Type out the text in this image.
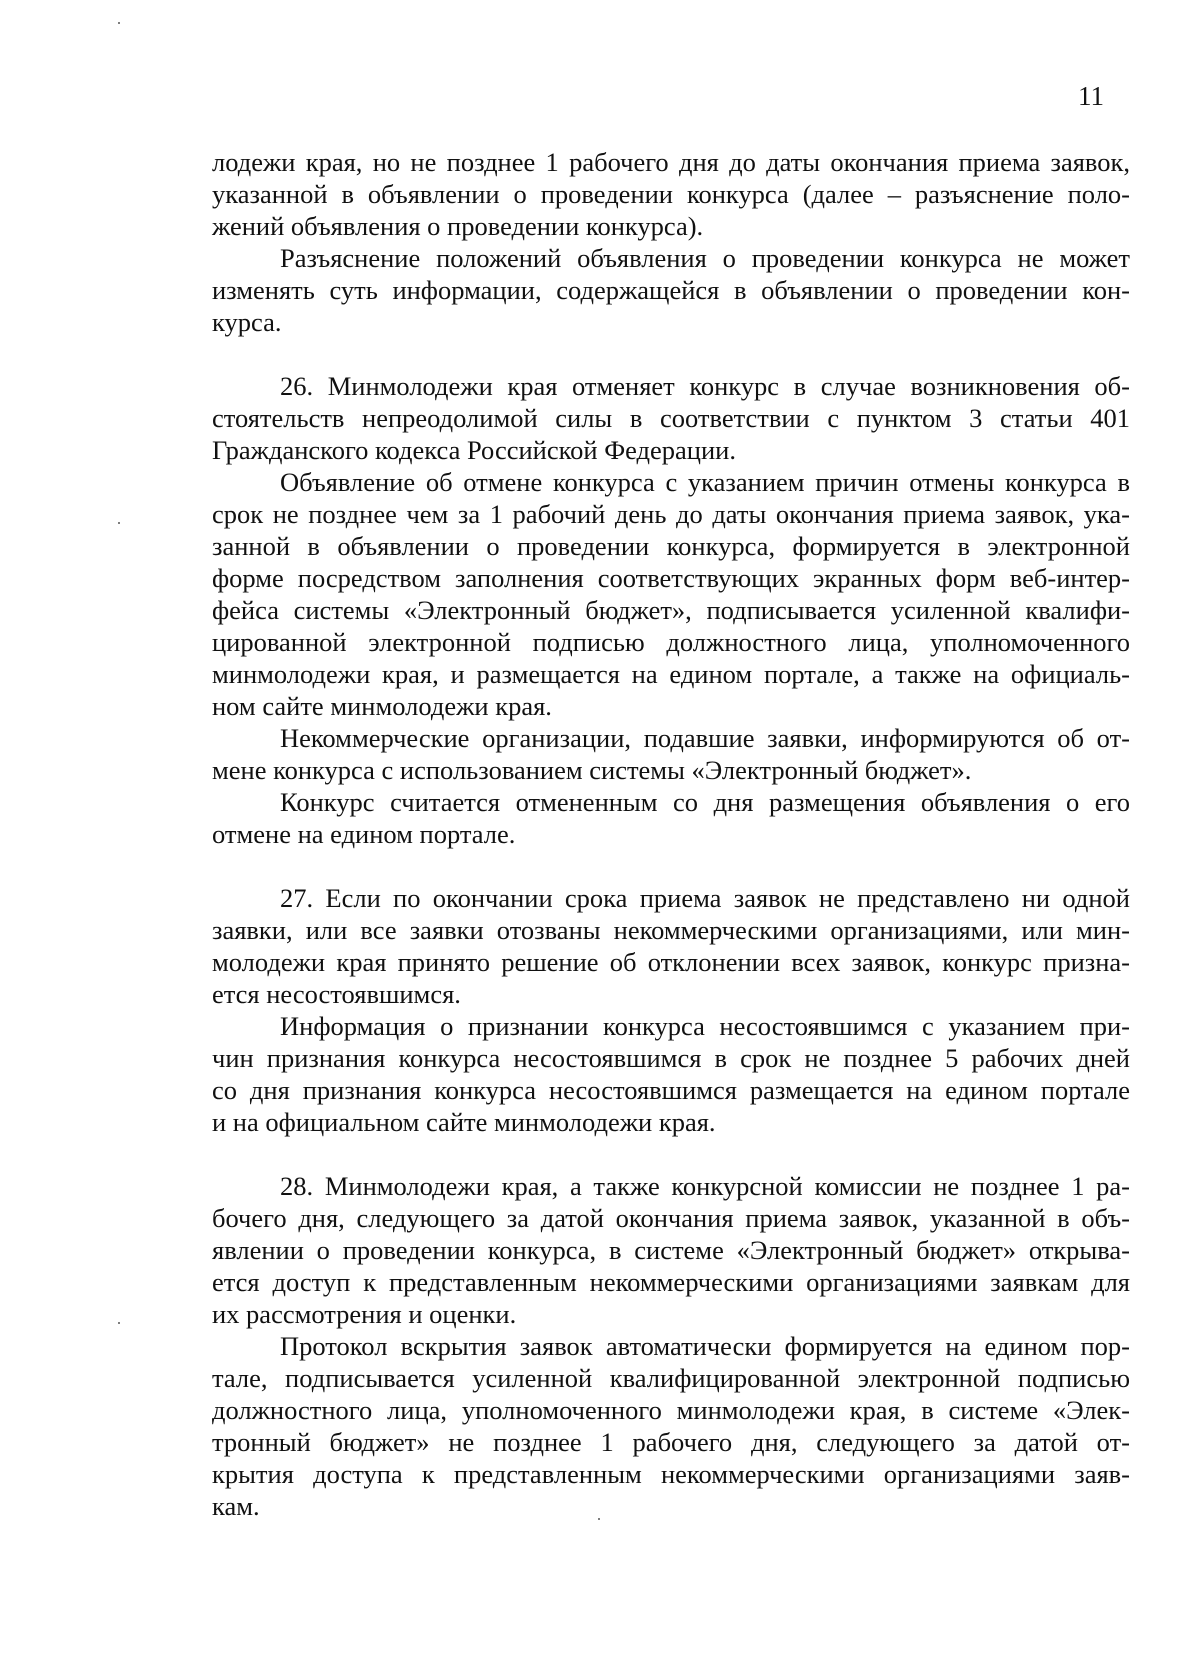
11
лодежи края, но не позднее 1 рабочего дня до даты окончания приема заявок,
указанной в объявлении о проведении конкурса (далее – разъяснение поло-
жений объявления о проведении конкурса).
Разъяснение положений объявления о проведении конкурса не может
изменять суть информации, содержащейся в объявлении о проведении кон-
курса.
26. Минмолодежи края отменяет конкурс в случае возникновения об-
стоятельств непреодолимой силы в соответствии с пунктом 3 статьи 401
Гражданского кодекса Российской Федерации.
Объявление об отмене конкурса с указанием причин отмены конкурса в
срок не позднее чем за 1 рабочий день до даты окончания приема заявок, ука-
занной в объявлении о проведении конкурса, формируется в электронной
форме посредством заполнения соответствующих экранных форм веб-интер-
фейса системы «Электронный бюджет», подписывается усиленной квалифи-
цированной электронной подписью должностного лица, уполномоченного
минмолодежи края, и размещается на едином портале, а также на официаль-
ном сайте минмолодежи края.
Некоммерческие организации, подавшие заявки, информируются об от-
мене конкурса с использованием системы «Электронный бюджет».
Конкурс считается отмененным со дня размещения объявления о его
отмене на едином портале.
27. Если по окончании срока приема заявок не представлено ни одной
заявки, или все заявки отозваны некоммерческими организациями, или мин-
молодежи края принято решение об отклонении всех заявок, конкурс призна-
ется несостоявшимся.
Информация о признании конкурса несостоявшимся с указанием при-
чин признания конкурса несостоявшимся в срок не позднее 5 рабочих дней
со дня признания конкурса несостоявшимся размещается на едином портале
и на официальном сайте минмолодежи края.
28. Минмолодежи края, а также конкурсной комиссии не позднее 1 ра-
бочего дня, следующего за датой окончания приема заявок, указанной в объ-
явлении о проведении конкурса, в системе «Электронный бюджет» открыва-
ется доступ к представленным некоммерческими организациями заявкам для
их рассмотрения и оценки.
Протокол вскрытия заявок автоматически формируется на едином пор-
тале, подписывается усиленной квалифицированной электронной подписью
должностного лица, уполномоченного минмолодежи края, в системе «Элек-
тронный бюджет» не позднее 1 рабочего дня, следующего за датой от-
крытия доступа к представленным некоммерческими организациями заяв-
кам.
